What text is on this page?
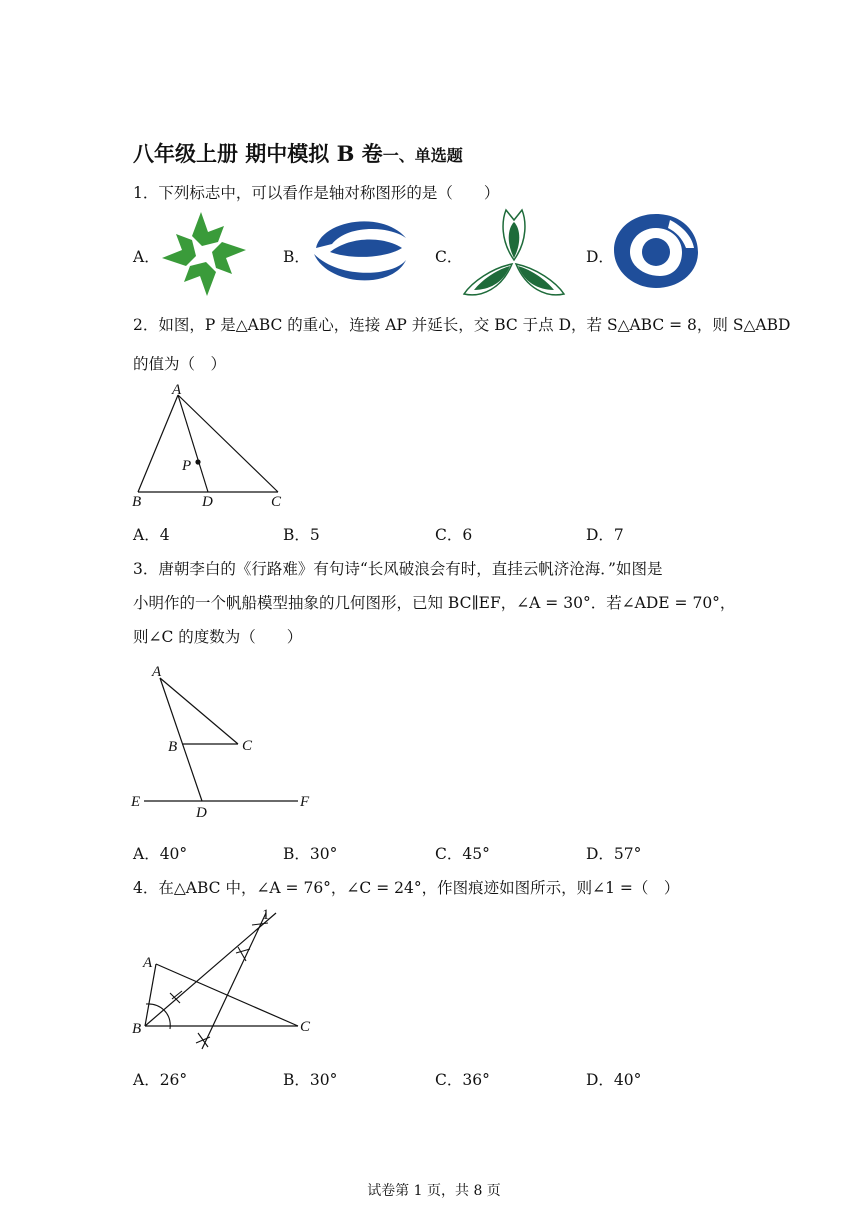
八年级上册 期中模拟 B 卷一、单选题
1．下列标志中，可以看作是轴对称图形的是（　　）
A．	B．	C．	D．
2．如图，P 是△ABC 的重心，连接 AP 并延长，交 BC 于点 D，若 S△ABC = 8，则 S△ABD
的值为（　）
A
P
B	D	C
A．4	B．5	C．6	D．7
3．唐朝李白的《行路难》有句诗“长风破浪会有时，直挂云帆济沧海．”如图是
小明作的一个帆船模型抽象的几何图形，已知 BC∥EF，∠A = 30°．若∠ADE = 70°，
则∠C 的度数为（　　）
A
B	C
E
D
F
A．40°	B．30°	C．45°	D．57°
4．在△ABC 中，∠A = 76°，∠C = 24°，作图痕迹如图所示，则∠1 =（　）
1
A
B	C
A．26°	B．30°	C．36°	D．40°
试卷第 1 页，共 8 页
